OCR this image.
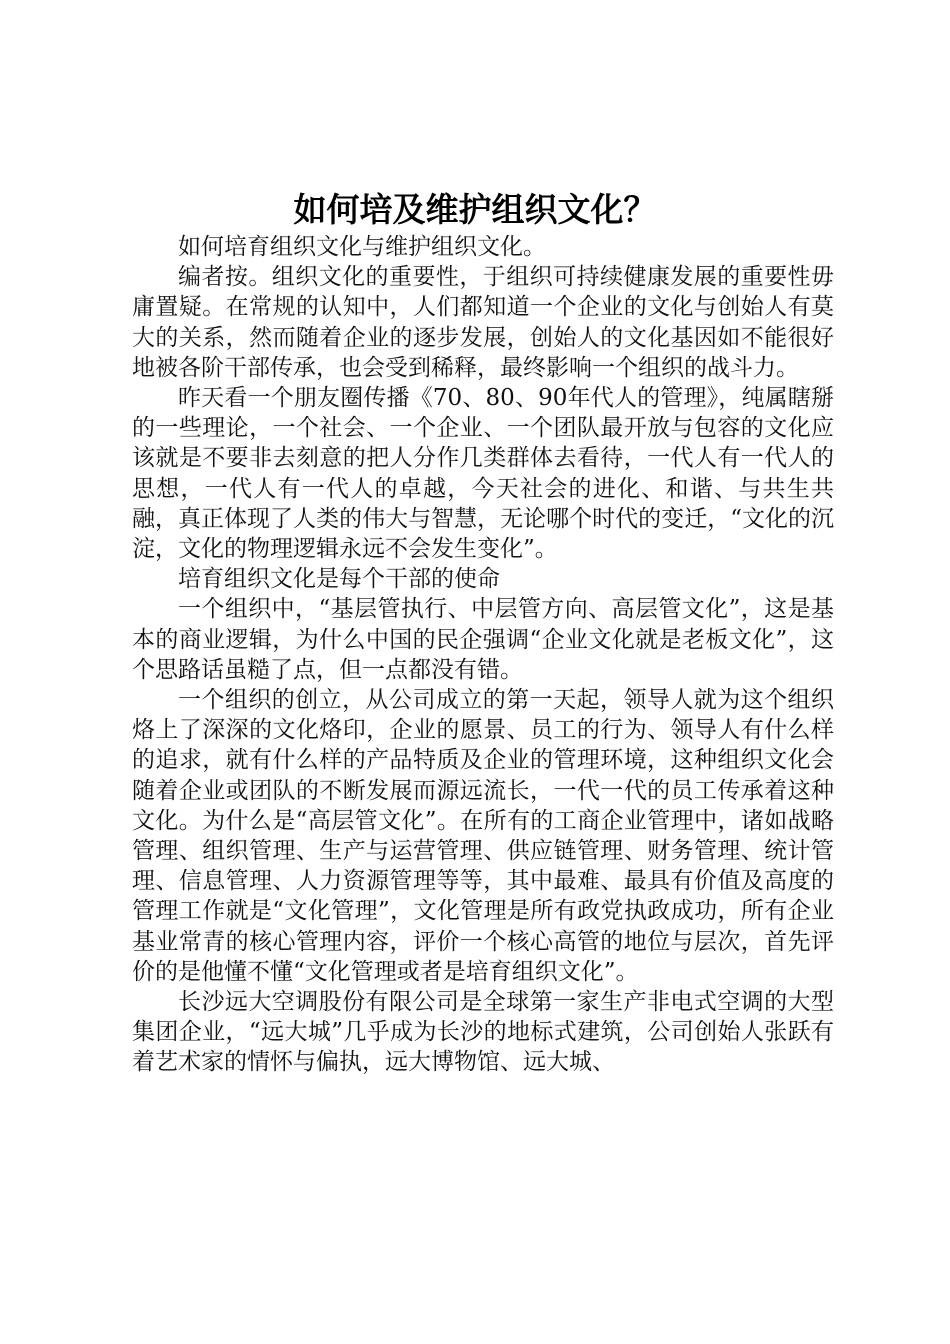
如何培及维护组织文化？

如何培育组织文化与维护组织文化。

编者按。组织文化的重要性，于组织可持续健康发展的重要性毋庸置疑。在常规的认知中，人们都知道一个企业的文化与创始人有莫大的关系，然而随着企业的逐步发展，创始人的文化基因如不能很好地被各阶干部传承，也会受到稀释，最终影响一个组织的战斗力。

昨天看一个朋友圈传播《70、80、90年代人的管理》，纯属瞎掰的一些理论，一个社会、一个企业、一个团队最开放与包容的文化应该就是不要非去刻意的把人分作几类群体去看待，一代人有一代人的思想，一代人有一代人的卓越，今天社会的进化、和谐、与共生共融，真正体现了人类的伟大与智慧，无论哪个时代的变迁，“文化的沉淀，文化的物理逻辑永远不会发生变化”。

培育组织文化是每个干部的使命

一个组织中，“基层管执行、中层管方向、高层管文化”，这是基本的商业逻辑，为什么中国的民企强调“企业文化就是老板文化”，这个思路话虽糙了点，但一点都没有错。

一个组织的创立，从公司成立的第一天起，领导人就为这个组织烙上了深深的文化烙印，企业的愿景、员工的行为、领导人有什么样的追求，就有什么样的产品特质及企业的管理环境，这种组织文化会随着企业或团队的不断发展而源远流长，一代一代的员工传承着这种文化。为什么是“高层管文化”。在所有的工商企业管理中，诸如战略管理、组织管理、生产与运营管理、供应链管理、财务管理、统计管理、信息管理、人力资源管理等等，其中最难、最具有价值及高度的管理工作就是“文化管理”，文化管理是所有政党执政成功，所有企业基业常青的核心管理内容，评价一个核心高管的地位与层次，首先评价的是他懂不懂“文化管理或者是培育组织文化”。

长沙远大空调股份有限公司是全球第一家生产非电式空调的大型集团企业，“远大城”几乎成为长沙的地标式建筑，公司创始人张跃有着艺术家的情怀与偏执，远大博物馆、远大城、
